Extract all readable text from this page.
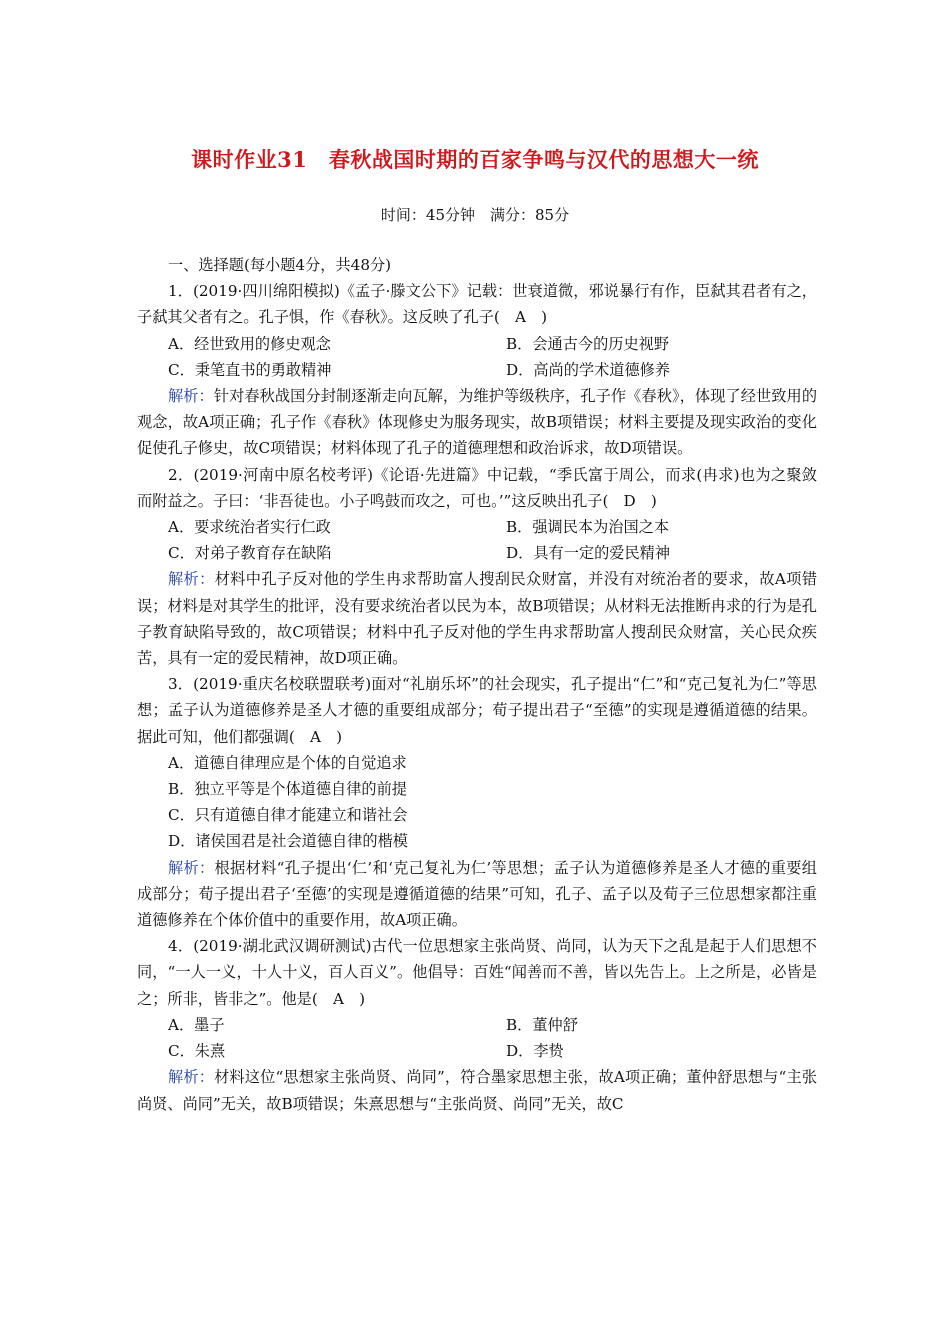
课时作业31　春秋战国时期的百家争鸣与汉代的思想大一统
时间：45分钟　满分：85分

一、选择题(每小题4分，共48分)

1．(2019·四川绵阳模拟)《孟子·滕文公下》记载：世衰道微，邪说暴行有作，臣弑其君者有之，子弑其父者有之。孔子惧，作《春秋》。这反映了孔子(　A　)

A．经世致用的修史观念	B．会通古今的历史视野
C．秉笔直书的勇敢精神	D．高尚的学术道德修养

解析：针对春秋战国分封制逐渐走向瓦解，为维护等级秩序，孔子作《春秋》，体现了经世致用的观念，故A项正确；孔子作《春秋》体现修史为服务现实，故B项错误；材料主要提及现实政治的变化促使孔子修史，故C项错误；材料体现了孔子的道德理想和政治诉求，故D项错误。

2．(2019·河南中原名校考评)《论语·先进篇》中记载，“季氏富于周公，而求(冉求)也为之聚敛而附益之。子曰：‘非吾徒也。小子鸣鼓而攻之，可也。’”这反映出孔子(　D　)

A．要求统治者实行仁政	B．强调民本为治国之本
C．对弟子教育存在缺陷	D．具有一定的爱民精神

解析：材料中孔子反对他的学生冉求帮助富人搜刮民众财富，并没有对统治者的要求，故A项错误；材料是对其学生的批评，没有要求统治者以民为本，故B项错误；从材料无法推断冉求的行为是孔子教育缺陷导致的，故C项错误；材料中孔子反对他的学生冉求帮助富人搜刮民众财富，关心民众疾苦，具有一定的爱民精神，故D项正确。

3．(2019·重庆名校联盟联考)面对“礼崩乐坏”的社会现实，孔子提出“仁”和“克己复礼为仁”等思想；孟子认为道德修养是圣人才德的重要组成部分；荀子提出君子“至德”的实现是遵循道德的结果。据此可知，他们都强调(　A　)

A．道德自律理应是个体的自觉追求
B．独立平等是个体道德自律的前提
C．只有道德自律才能建立和谐社会
D．诸侯国君是社会道德自律的楷模

解析：根据材料“孔子提出‘仁’和‘克己复礼为仁’等思想；孟子认为道德修养是圣人才德的重要组成部分；荀子提出君子‘至德’的实现是遵循道德的结果”可知，孔子、孟子以及荀子三位思想家都注重道德修养在个体价值中的重要作用，故A项正确。

4．(2019·湖北武汉调研测试)古代一位思想家主张尚贤、尚同，认为天下之乱是起于人们思想不同，“一人一义，十人十义，百人百义”。他倡导：百姓“闻善而不善，皆以先告上。上之所是，必皆是之；所非，皆非之”。他是(　A　)

A．墨子	B．董仲舒
C．朱熹	D．李贽

解析：材料这位“思想家主张尚贤、尚同”，符合墨家思想主张，故A项正确；董仲舒思想与“主张尚贤、尚同”无关，故B项错误；朱熹思想与“主张尚贤、尚同”无关，故C
